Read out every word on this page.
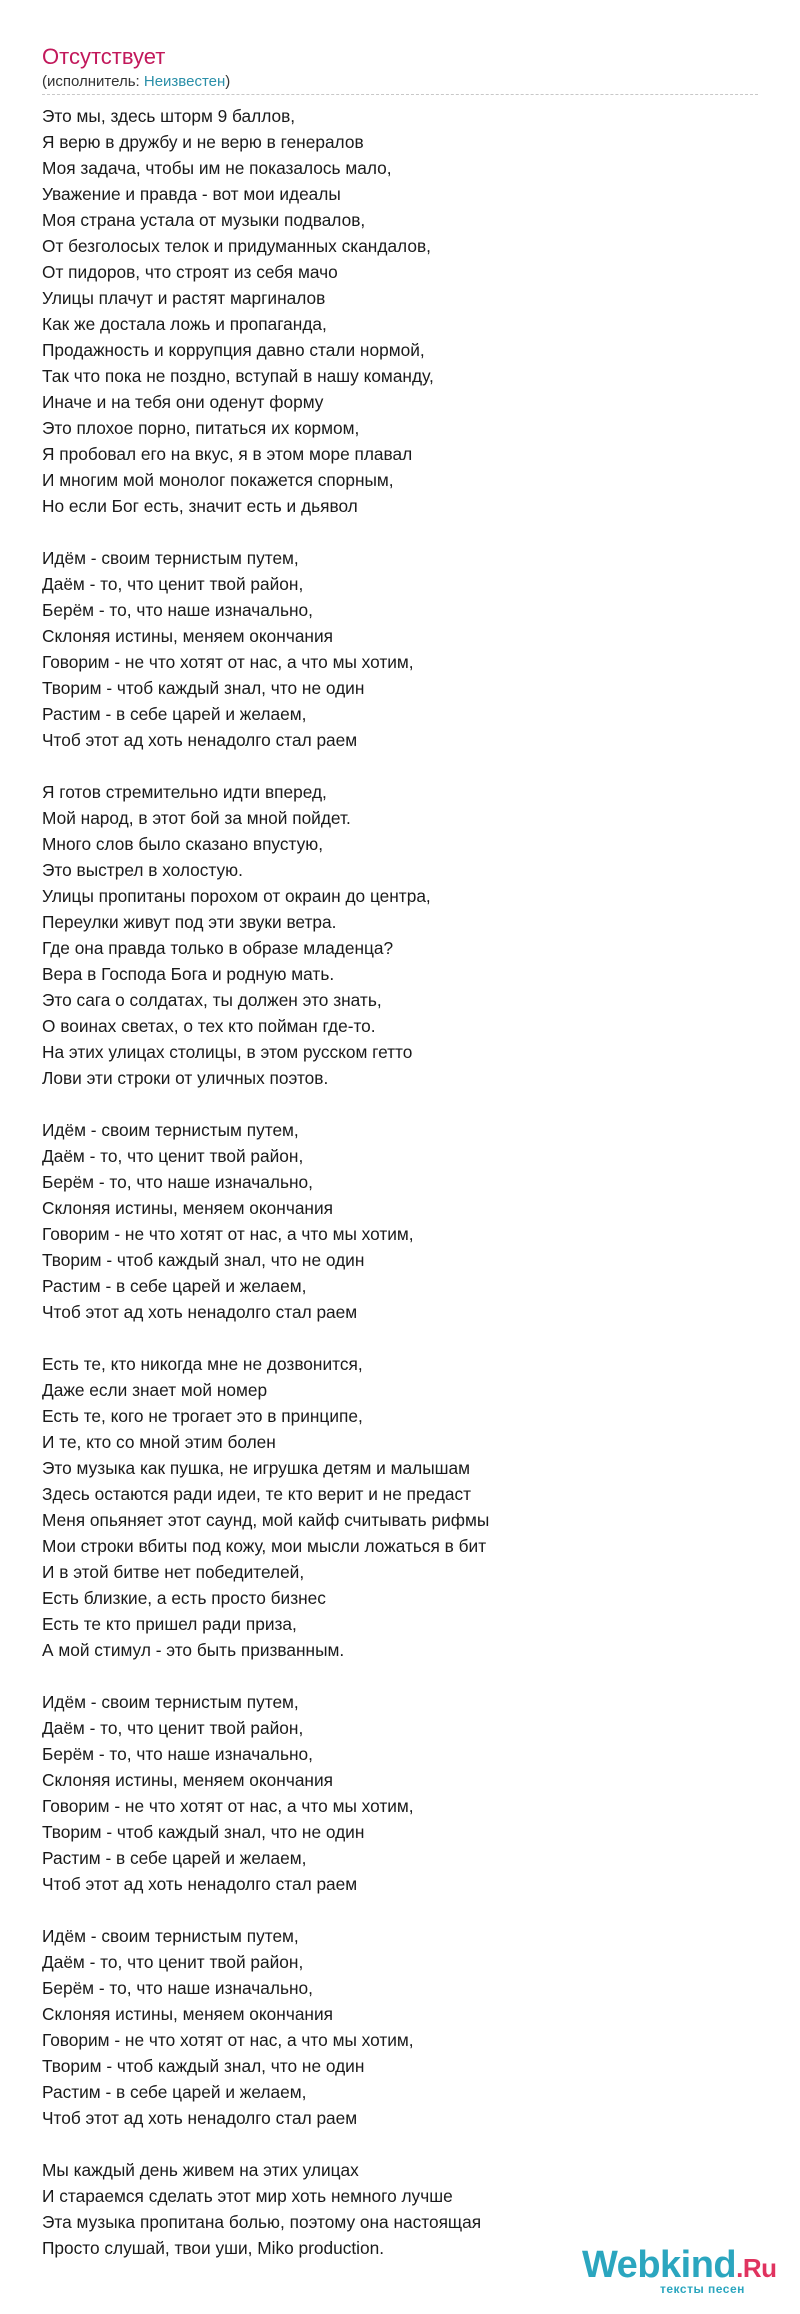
Отсутствует
(исполнитель: Неизвестен)
Это мы, здесь шторм 9 баллов,
Я верю в дружбу и не верю в генералов
Моя задача, чтобы им не показалось мало,
Уважение и правда - вот мои идеалы
Моя страна устала от музыки подвалов,
От безголосых телок и придуманных скандалов,
От пидоров, что строят из себя мачо
Улицы плачут и растят маргиналов
Как же достала ложь и пропаганда,
Продажность и коррупция давно стали нормой,
Так что пока не поздно, вступай в нашу команду,
Иначе и на тебя они оденут форму
Это плохое порно, питаться их кормом,
Я пробовал его на вкус, я в этом море плавал
И многим мой монолог покажется спорным,
Но если Бог есть, значит есть и дьявол
Идём - своим тернистым путем,
Даём - то, что ценит твой район,
Берём - то, что наше изначально,
Склоняя истины, меняем окончания
Говорим - не что хотят от нас, а что мы хотим,
Творим - чтоб каждый знал, что не один
Растим - в себе царей и желаем,
Чтоб этот ад хоть ненадолго стал раем
Я готов стремительно идти вперед,
Мой народ, в этот бой за мной пойдет.
Много слов было сказано впустую,
Это выстрел в холостую.
Улицы пропитаны порохом от окраин до центра,
Переулки живут под эти звуки ветра.
Где она правда только в образе младенца?
Вера в Господа Бога и родную мать.
Это сага о солдатах, ты должен это знать,
О воинах светах, о тех кто пойман где-то.
На этих улицах столицы, в этом русском гетто
Лови эти строки от уличных поэтов.
Идём - своим тернистым путем,
Даём - то, что ценит твой район,
Берём - то, что наше изначально,
Склоняя истины, меняем окончания
Говорим - не что хотят от нас, а что мы хотим,
Творим - чтоб каждый знал, что не один
Растим - в себе царей и желаем,
Чтоб этот ад хоть ненадолго стал раем
Есть те, кто никогда мне не дозвонится,
Даже если знает мой номер
Есть те, кого не трогает это в принципе,
И те, кто со мной этим болен
Это музыка как пушка, не игрушка детям и малышам
Здесь остаются ради идеи, те кто верит и не предаст
Меня опьяняет этот саунд, мой кайф считывать рифмы
Мои строки вбиты под кожу, мои мысли ложаться в бит
И в этой битве нет победителей,
Есть близкие, а есть просто бизнес
Есть те кто пришел ради приза,
А мой стимул - это быть призванным.
Идём - своим тернистым путем,
Даём - то, что ценит твой район,
Берём - то, что наше изначально,
Склоняя истины, меняем окончания
Говорим - не что хотят от нас, а что мы хотим,
Творим - чтоб каждый знал, что не один
Растим - в себе царей и желаем,
Чтоб этот ад хоть ненадолго стал раем
Идём - своим тернистым путем,
Даём - то, что ценит твой район,
Берём - то, что наше изначально,
Склоняя истины, меняем окончания
Говорим - не что хотят от нас, а что мы хотим,
Творим - чтоб каждый знал, что не один
Растим - в себе царей и желаем,
Чтоб этот ад хоть ненадолго стал раем
Мы каждый день живем на этих улицах
И стараемся сделать этот мир хоть немного лучше
Эта музыка пропитана болью, поэтому она настоящая
Просто слушай, твои уши, Miko production.	Webkind.Ru
тексты песен
